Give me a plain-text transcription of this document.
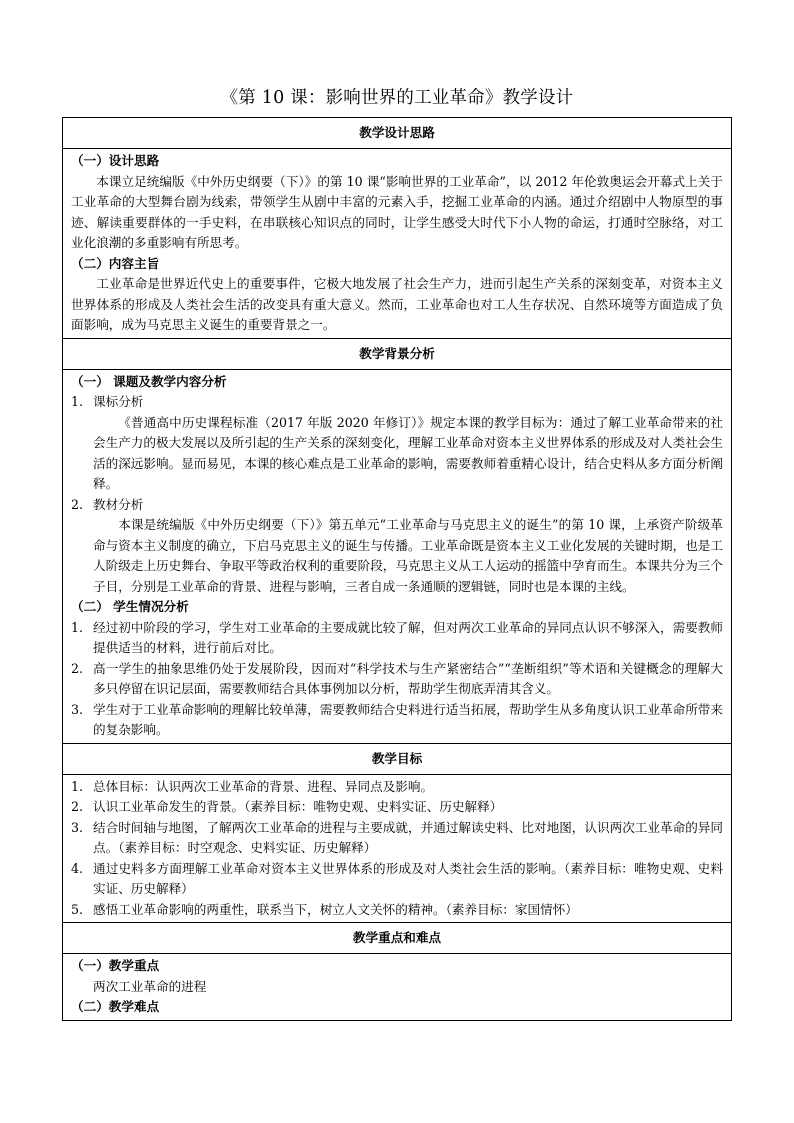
《第 10 课：影响世界的工业革命》教学设计
教学设计思路

（一）设计思路
本课立足统编版《中外历史纲要（下）》的第 10 课“影响世界的工业革命”，以 2012 年伦敦奥运会开幕式上关于工业革命的大型舞台剧为线索，带领学生从剧中丰富的元素入手，挖掘工业革命的内涵。通过介绍剧中人物原型的事迹、解读重要群体的一手史料，在串联核心知识点的同时，让学生感受大时代下小人物的命运，打通时空脉络，对工业化浪潮的多重影响有所思考。
（二）内容主旨
工业革命是世界近代史上的重要事件，它极大地发展了社会生产力，进而引起生产关系的深刻变革，对资本主义世界体系的形成及人类社会生活的改变具有重大意义。然而，工业革命也对工人生存状况、自然环境等方面造成了负面影响，成为马克思主义诞生的重要背景之一。

教学背景分析

（一） 课题及教学内容分析
1. 课标分析
《普通高中历史课程标准（2017 年版 2020 年修订）》规定本课的教学目标为：通过了解工业革命带来的社会生产力的极大发展以及所引起的生产关系的深刻变化，理解工业革命对资本主义世界体系的形成及对人类社会生活的深远影响。显而易见，本课的核心难点是工业革命的影响，需要教师着重精心设计，结合史料从多方面分析阐释。
2. 教材分析
本课是统编版《中外历史纲要（下）》第五单元“工业革命与马克思主义的诞生”的第 10 课，上承资产阶级革命与资本主义制度的确立，下启马克思主义的诞生与传播。工业革命既是资本主义工业化发展的关键时期，也是工人阶级走上历史舞台、争取平等政治权利的重要阶段，马克思主义从工人运动的摇篮中孕育而生。本课共分为三个子目，分别是工业革命的背景、进程与影响，三者自成一条通顺的逻辑链，同时也是本课的主线。
（二） 学生情况分析
1. 经过初中阶段的学习，学生对工业革命的主要成就比较了解，但对两次工业革命的异同点认识不够深入，需要教师提供适当的材料，进行前后对比。
2. 高一学生的抽象思维仍处于发展阶段，因而对“科学技术与生产紧密结合”“垄断组织”等术语和关键概念的理解大多只停留在识记层面，需要教师结合具体事例加以分析，帮助学生彻底弄清其含义。
3. 学生对于工业革命影响的理解比较单薄，需要教师结合史料进行适当拓展，帮助学生从多角度认识工业革命所带来的复杂影响。

教学目标

1. 总体目标：认识两次工业革命的背景、进程、异同点及影响。
2. 认识工业革命发生的背景。（素养目标：唯物史观、史料实证、历史解释）
3. 结合时间轴与地图，了解两次工业革命的进程与主要成就，并通过解读史料、比对地图，认识两次工业革命的异同点。（素养目标：时空观念、史料实证、历史解释）
4. 通过史料多方面理解工业革命对资本主义世界体系的形成及对人类社会生活的影响。（素养目标：唯物史观、史料实证、历史解释）
5. 感悟工业革命影响的两重性，联系当下，树立人文关怀的精神。（素养目标：家国情怀）

教学重点和难点

（一）教学重点
两次工业革命的进程
（二）教学难点
